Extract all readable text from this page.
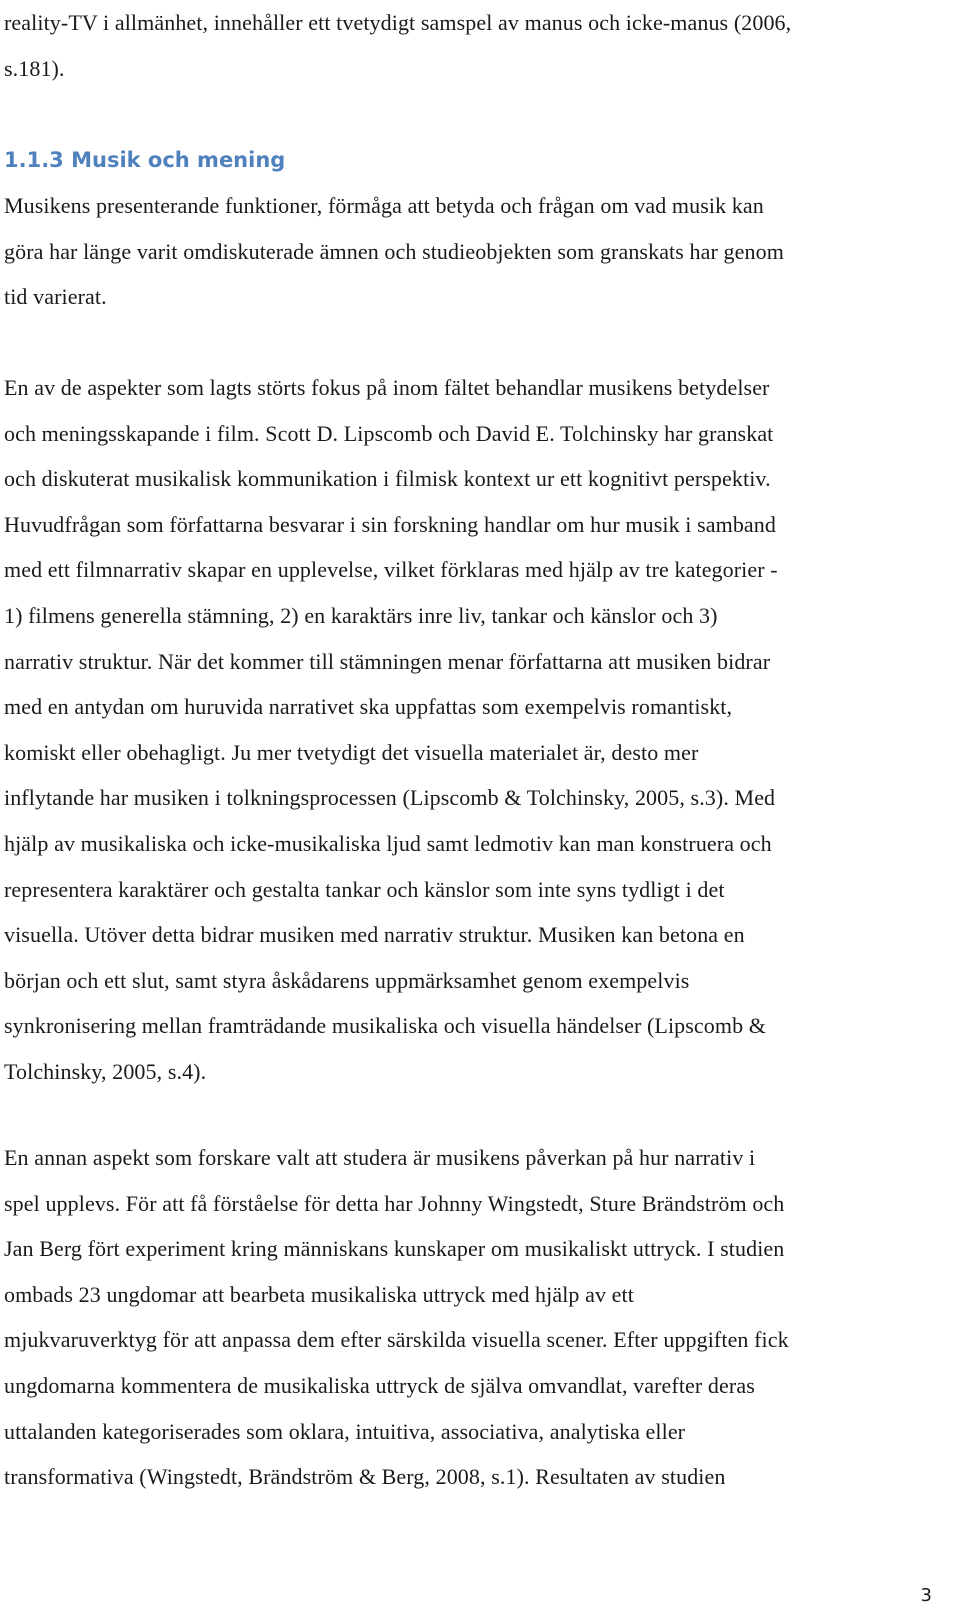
reality-TV i allmänhet, innehåller ett tvetydigt samspel av manus och icke-manus (2006,
s.181).

1.1.3 Musik och mening

Musikens presenterande funktioner, förmåga att betyda och frågan om vad musik kan
göra har länge varit omdiskuterade ämnen och studieobjekten som granskats har genom
tid varierat.

En av de aspekter som lagts störts fokus på inom fältet behandlar musikens betydelser
och meningsskapande i film. Scott D. Lipscomb och David E. Tolchinsky har granskat
och diskuterat musikalisk kommunikation i filmisk kontext ur ett kognitivt perspektiv.
Huvudfrågan som författarna besvarar i sin forskning handlar om hur musik i samband
med ett filmnarrativ skapar en upplevelse, vilket förklaras med hjälp av tre kategorier -
1) filmens generella stämning, 2) en karaktärs inre liv, tankar och känslor och 3)
narrativ struktur. När det kommer till stämningen menar författarna att musiken bidrar
med en antydan om huruvida narrativet ska uppfattas som exempelvis romantiskt,
komiskt eller obehagligt. Ju mer tvetydigt det visuella materialet är, desto mer
inflytande har musiken i tolkningsprocessen (Lipscomb & Tolchinsky, 2005, s.3). Med
hjälp av musikaliska och icke-musikaliska ljud samt ledmotiv kan man konstruera och
representera karaktärer och gestalta tankar och känslor som inte syns tydligt i det
visuella. Utöver detta bidrar musiken med narrativ struktur. Musiken kan betona en
början och ett slut, samt styra åskådarens uppmärksamhet genom exempelvis
synkronisering mellan framträdande musikaliska och visuella händelser (Lipscomb &
Tolchinsky, 2005, s.4).

En annan aspekt som forskare valt att studera är musikens påverkan på hur narrativ i
spel upplevs. För att få förståelse för detta har Johnny Wingstedt, Sture Brändström och
Jan Berg fört experiment kring människans kunskaper om musikaliskt uttryck. I studien
ombads 23 ungdomar att bearbeta musikaliska uttryck med hjälp av ett
mjukvaruverktyg för att anpassa dem efter särskilda visuella scener. Efter uppgiften fick
ungdomarna kommentera de musikaliska uttryck de själva omvandlat, varefter deras
uttalanden kategoriserades som oklara, intuitiva, associativa, analytiska eller
transformativa (Wingstedt, Brändström & Berg, 2008, s.1). Resultaten av studien

3
